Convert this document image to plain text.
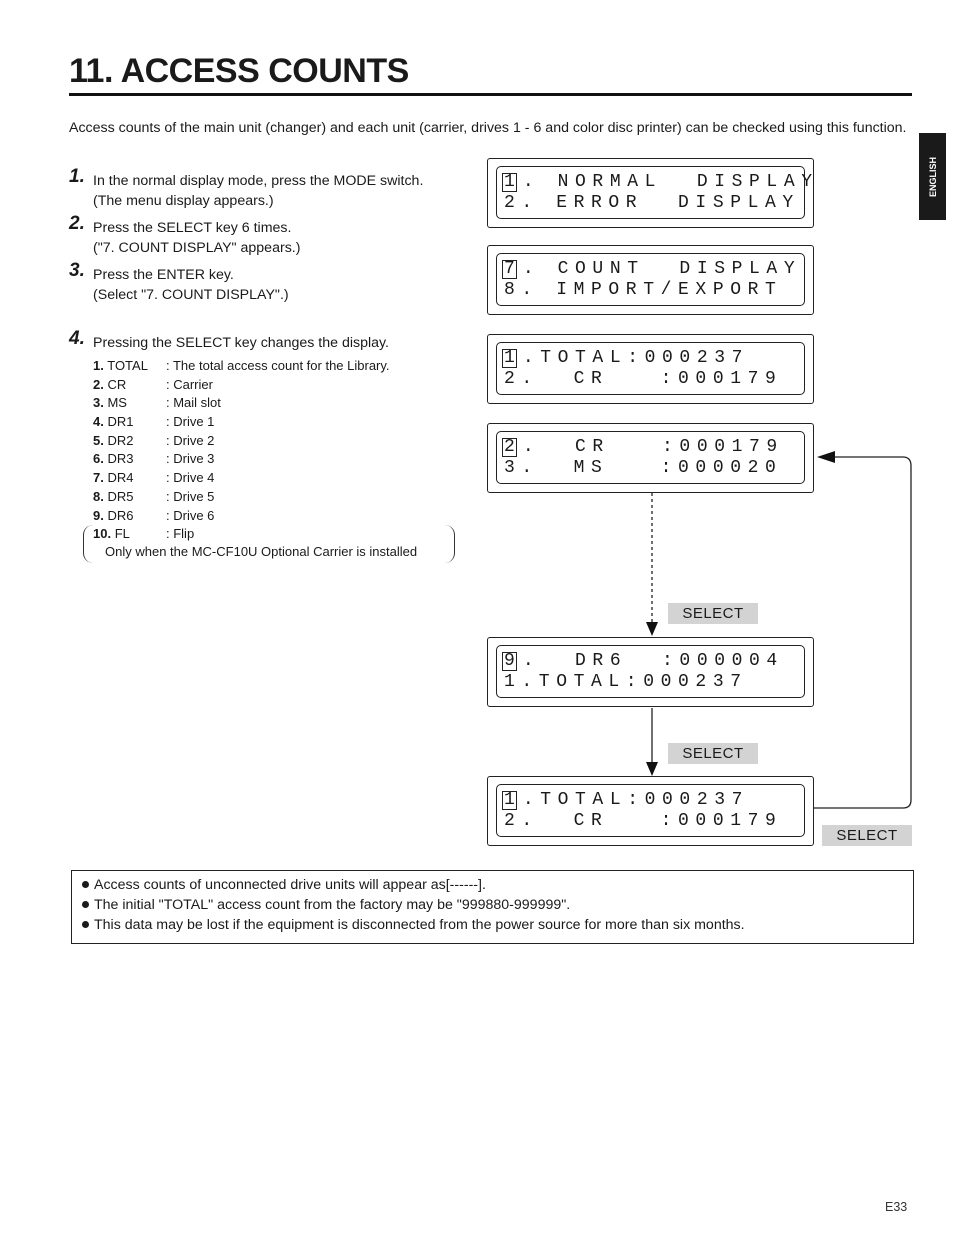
11. ACCESS COUNTS
ENGLISH

Access counts of the main unit (changer) and each unit (carrier, drives 1 - 6 and color disc printer) can be checked using this function.

1. In the normal display mode, press the MODE switch.
(The menu display appears.)
2. Press the SELECT key 6 times.
("7. COUNT DISPLAY" appears.)
3. Press the ENTER key.
(Select "7. COUNT DISPLAY".)
4. Pressing the SELECT key changes the display.
1. TOTAL : The total access count for the Library.
2. CR	: Carrier
3. MS	: Mail slot
4. DR1	: Drive 1
5. DR2	: Drive 2
6. DR3	: Drive 3
7. DR4	: Drive 4
8. DR5	: Drive 5
9. DR6	: Drive 6
10. FL	: Flip
Only when the MC-CF10U Optional Carrier is installed
1 . NORMAL  DISPLAY
2. ERROR  DISPLAY
7 . COUNT  DISPLAY
8. IMPORT/EXPORT
1 .TOTAL:000237
2.  CR   :000179
2 .  CR   :000179
3.  MS   :000020
9 .  DR6  :000004
1.TOTAL:000237
1 .TOTAL:000237
2.  CR   :000179
SELECT
SELECT
SELECT
Access counts of unconnected drive units will appear as[------].
The initial "TOTAL" access count from the factory may be "999880-999999".
This data may be lost if the equipment is disconnected from the power source for more than six months.
E33
